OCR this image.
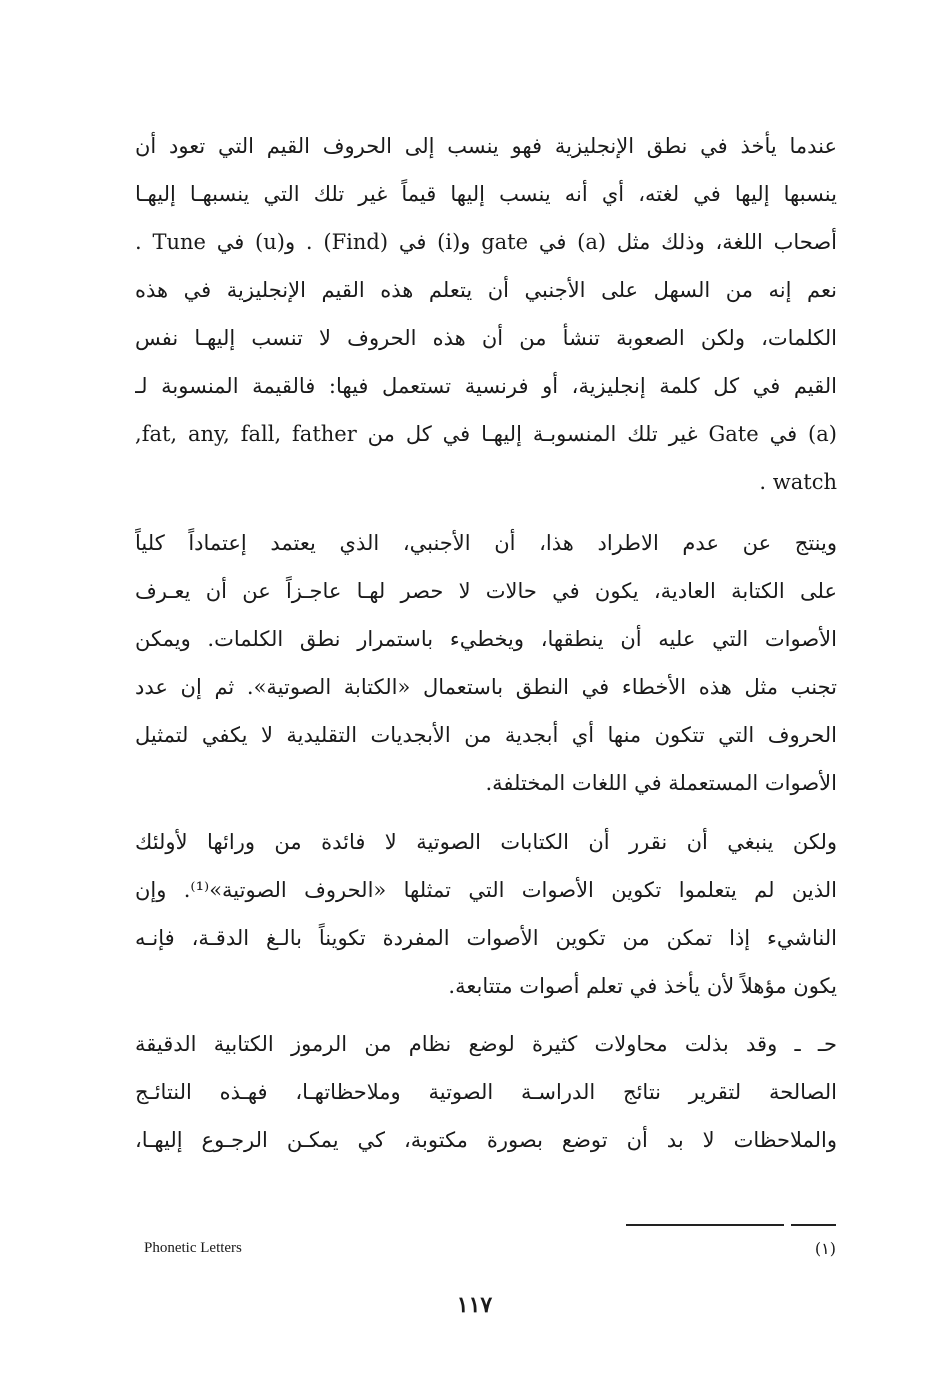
عندما يأخذ في نطق الإنجليزية فهو ينسب إلى الحروف القيم التي تعود أن
ينسبها إليها في لغته، أي أنه ينسب إليها قيماً غير تلك التي ينسبهـا إليهـا
أصحاب اللغة، وذلك مثل (a) في gate و(i) في (Find) . و(u) في Tune .
نعم إنه من السهل على الأجنبي أن يتعلم هذه القيم الإنجليزية في هذه
الكلمات، ولكن الصعوبة تنشأ من أن هذه الحروف لا تنسب إليهـا نفس
القيم في كل كلمة إنجليزية، أو فرنسية تستعمل فيها: فالقيمة المنسوبة لـ
(a) في Gate غير تلك المنسوبـة إليهـا في كل من fat, any, fall, father,
watch .
وينتج عن عدم الاطراد هذا، أن الأجنبي، الذي يعتمد إعتماداً كلياً
على الكتابة العادية، يكون في حالات لا حصر لهـا عاجـزاً عن أن يعـرف
الأصوات التي عليه أن ينطقها، ويخطيء باستمرار نطق الكلمات. ويمكن
تجنب مثل هذه الأخطاء في النطق باستعمال «الكتابة الصوتية». ثم إن عدد
الحروف التي تتكون منها أي أبجدية من الأبجديات التقليدية لا يكفي لتمثيل
الأصوات المستعملة في اللغات المختلفة.
ولكن ينبغي أن نقرر أن الكتابات الصوتية لا فائدة من ورائها لأولئك
الذين لم يتعلموا تكوين الأصوات التي تمثلها «الحروف الصوتية»⁽¹⁾. وإن
الناشيء إذا تمكن من تكوين الأصوات المفردة تكويناً بالـغ الدقـة، فإنـه
يكون مؤهلاً لأن يأخذ في تعلم أصوات متتابعة.
حـ ـ وقد بذلت محاولات كثيرة لوضع نظام من الرموز الكتابية الدقيقة
الصالحة لتقرير نتائج الدراسـة الصوتية وملاحظاتهـا، فهـذه النتائـج
والملاحظات لا بد أن توضع بصورة مكتوبة، كي يمكـن الرجـوع إليهـا،
Phonetic Letters	(١)
١١٧
